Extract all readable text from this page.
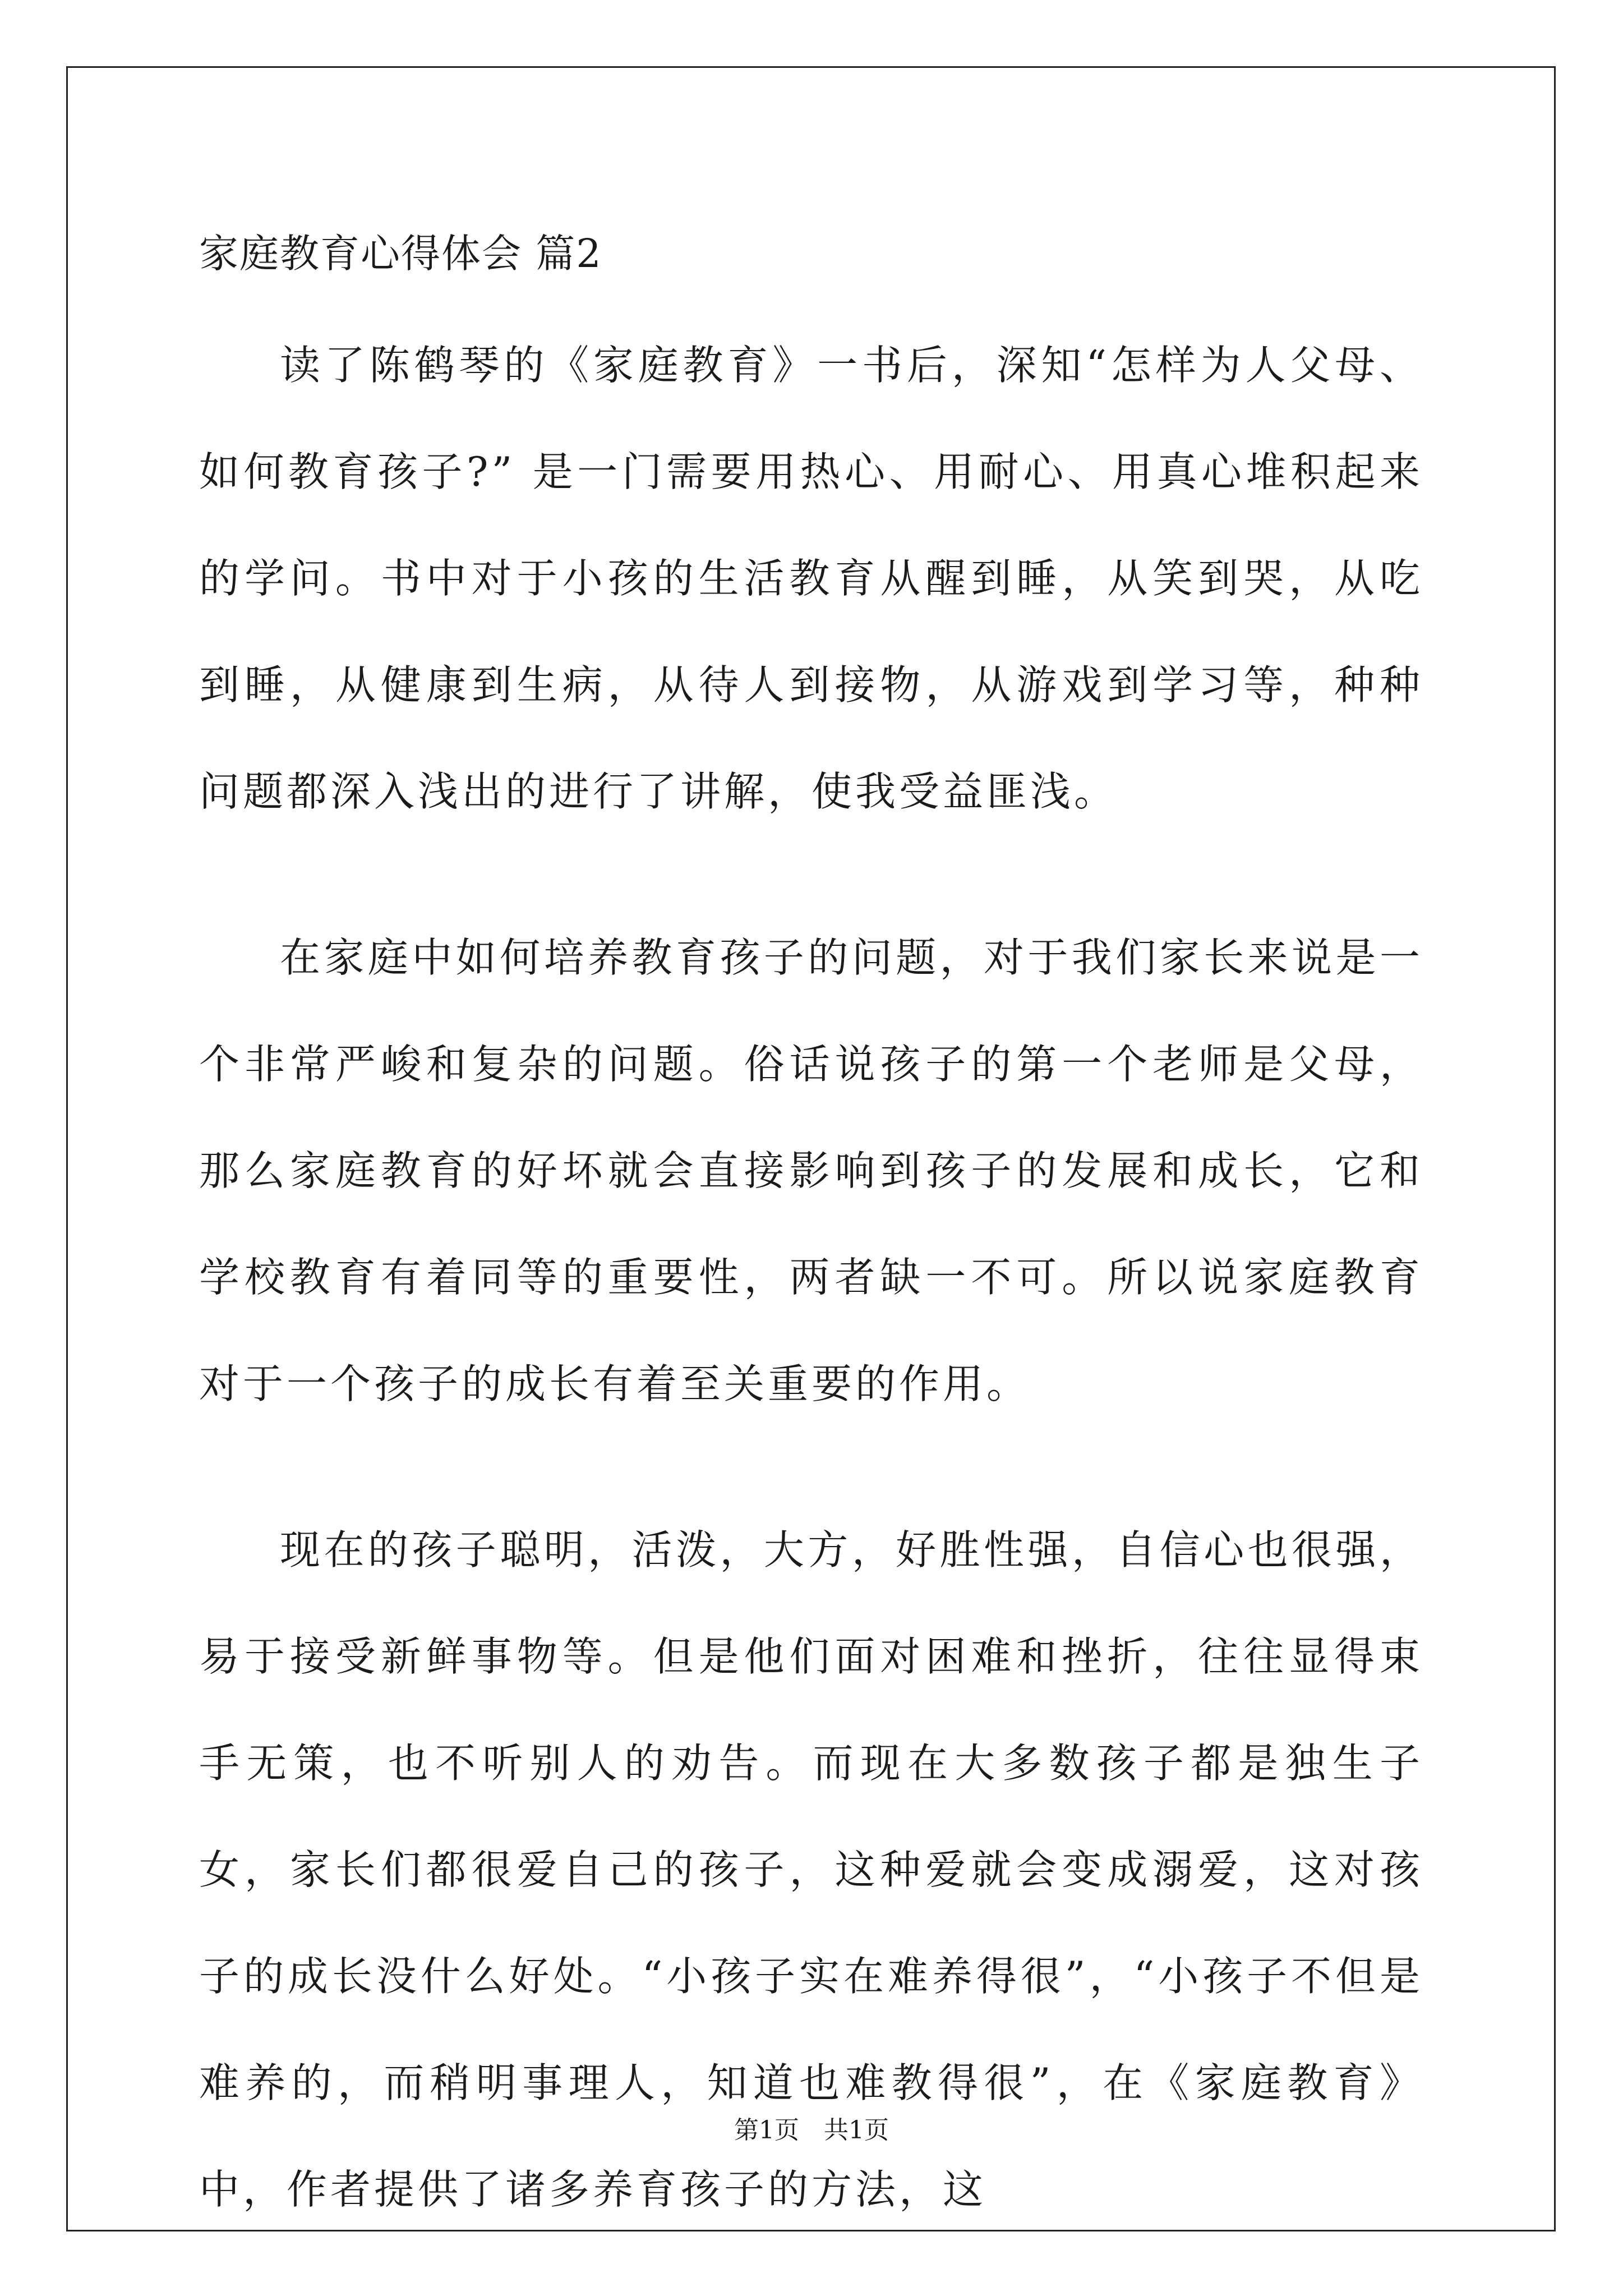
家庭教育心得体会 篇2

读了陈鹤琴的《家庭教育》一书后，深知“怎样为人父母、如何教育孩子?” 是一门需要用热心、用耐心、用真心堆积起来的学问。书中对于小孩的生活教育从醒到睡，从笑到哭，从吃到睡，从健康到生病，从待人到接物，从游戏到学习等，种种问题都深入浅出的进行了讲解，使我受益匪浅。

在家庭中如何培养教育孩子的问题，对于我们家长来说是一个非常严峻和复杂的问题。俗话说孩子的第一个老师是父母，那么家庭教育的好坏就会直接影响到孩子的发展和成长，它和学校教育有着同等的重要性，两者缺一不可。所以说家庭教育对于一个孩子的成长有着至关重要的作用。

现在的孩子聪明，活泼，大方，好胜性强，自信心也很强，易于接受新鲜事物等。但是他们面对困难和挫折，往往显得束手无策，也不听别人的劝告。而现在大多数孩子都是独生子女，家长们都很爱自己的孩子，这种爱就会变成溺爱，这对孩子的成长没什么好处。“小孩子实在难养得很”，“小孩子不但是难养的，而稍明事理人，知道也难教得很”，在《家庭教育》中，作者提供了诸多养育孩子的方法，这

第1页　共1页
